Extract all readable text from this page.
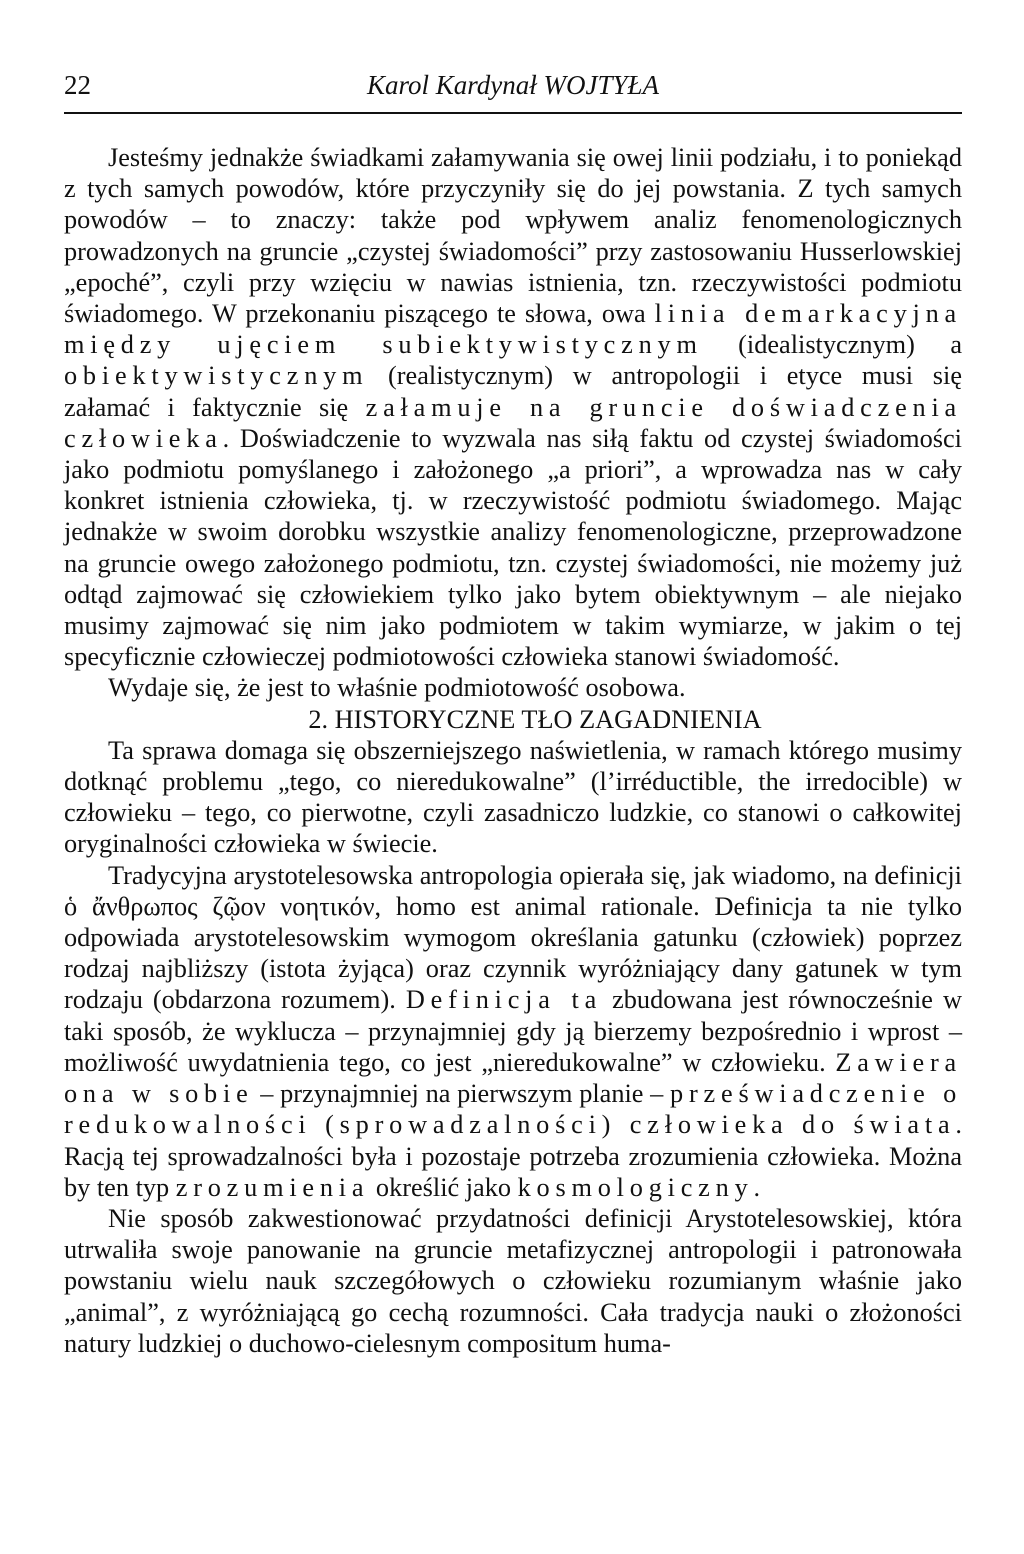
22	Karol Kardynał WOJTYŁA

Jesteśmy jednakże świadkami załamywania się owej linii podziału, i to poniekąd z tych samych powodów, które przyczyniły się do jej powstania. Z tych samych powodów – to znaczy: także pod wpływem analiz fenomenologicznych prowadzonych na gruncie „czystej świadomości” przy zastosowaniu Husserlowskiej „epoché”, czyli przy wzięciu w nawias istnienia, tzn. rzeczywistości podmiotu świadomego. W przekonaniu piszącego te słowa, owa linia demarkacyjna między ujęciem subiektywistycznym (idealistycznym) a obiektywistycznym (realistycznym) w antropologii i etyce musi się załamać i faktycznie się załamuje na gruncie doświadczenia człowieka. Doświadczenie to wyzwala nas siłą faktu od czystej świadomości jako podmiotu pomyślanego i założonego „a priori”, a wprowadza nas w cały konkret istnienia człowieka, tj. w rzeczywistość podmiotu świadomego. Mając jednakże w swoim dorobku wszystkie analizy fenomenologiczne, przeprowadzone na gruncie owego założonego podmiotu, tzn. czystej świadomości, nie możemy już odtąd zajmować się człowiekiem tylko jako bytem obiektywnym – ale niejako musimy zajmować się nim jako podmiotem w takim wymiarze, w jakim o tej specyficznie człowieczej podmiotowości człowieka stanowi świadomość.

Wydaje się, że jest to właśnie podmiotowość osobowa.

2. HISTORYCZNE TŁO ZAGADNIENIA

Ta sprawa domaga się obszerniejszego naświetlenia, w ramach którego musimy dotknąć problemu „tego, co nieredukowalne” (l’irréductible, the irredocible) w człowieku – tego, co pierwotne, czyli zasadniczo ludzkie, co stanowi o całkowitej oryginalności człowieka w świecie.

Tradycyjna arystotelesowska antropologia opierała się, jak wiadomo, na definicji ὁ ἄνθρωπος ζῷον νοητικόν, homo est animal rationale. Definicja ta nie tylko odpowiada arystotelesowskim wymogom określania gatunku (człowiek) poprzez rodzaj najbliższy (istota żyjąca) oraz czynnik wyróżniający dany gatunek w tym rodzaju (obdarzona rozumem). Definicja ta zbudowana jest równocześnie w taki sposób, że wyklucza – przynajmniej gdy ją bierzemy bezpośrednio i wprost – możliwość uwydatnienia tego, co jest „nieredukowalne” w człowieku. Zawiera ona w sobie – przynajmniej na pierwszym planie – przeświadczenie o redukowalności (sprowadzalności) człowieka do świata. Racją tej sprowadzalności była i pozostaje potrzeba zrozumienia człowieka. Można by ten typ zrozumienia określić jako kosmologiczny.

Nie sposób zakwestionować przydatności definicji Arystotelesowskiej, która utrwaliła swoje panowanie na gruncie metafizycznej antropologii i patronowała powstaniu wielu nauk szczegółowych o człowieku rozumianym właśnie jako „animal”, z wyróżniającą go cechą rozumności. Cała tradycja nauki o złożoności natury ludzkiej o duchowo-cielesnym compositum huma-
